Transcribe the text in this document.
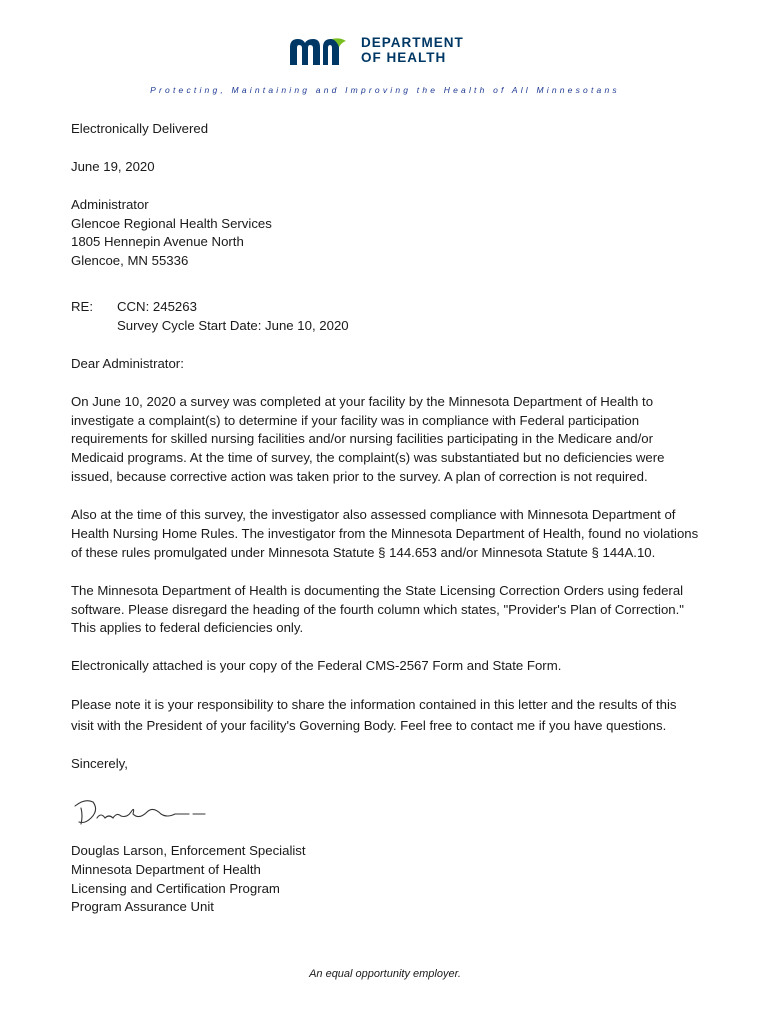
DEPARTMENT
OF HEALTH
Protecting, Maintaining and Improving the Health of All Minnesotans

Electronically Delivered

June 19, 2020

Administrator

Glencoe Regional Health Services

1805 Hennepin Avenue North

Glencoe, MN 55336

RE:	CCN: 245263

Survey Cycle Start Date: June 10, 2020

Dear Administrator:

On June 10, 2020 a survey was completed at your facility by the Minnesota Department of Health to investigate a complaint(s) to determine if your facility was in compliance with Federal participation requirements for skilled nursing facilities and/or nursing facilities participating in the Medicare and/or Medicaid programs. At the time of survey, the complaint(s) was substantiated but no deficiencies were issued, because corrective action was taken prior to the survey. A plan of correction is not required.

Also at the time of this survey, the investigator also assessed compliance with Minnesota Department of Health Nursing Home Rules. The investigator from the Minnesota Department of Health, found no violations of these rules promulgated under Minnesota Statute § 144.653 and/or Minnesota Statute § 144A.10.

The Minnesota Department of Health is documenting the State Licensing Correction Orders using federal software. Please disregard the heading of the fourth column which states, "Provider's Plan of Correction." This applies to federal deficiencies only.

Electronically attached is your copy of the Federal CMS-2567 Form and State Form.

Please note it is your responsibility to share the information contained in this letter and the results of this visit with the President of your facility's Governing Body. Feel free to contact me if you have questions.

Sincerely,

Douglas Larson, Enforcement Specialist

Minnesota Department of Health

Licensing and Certification Program

Program Assurance Unit

An equal opportunity employer.
